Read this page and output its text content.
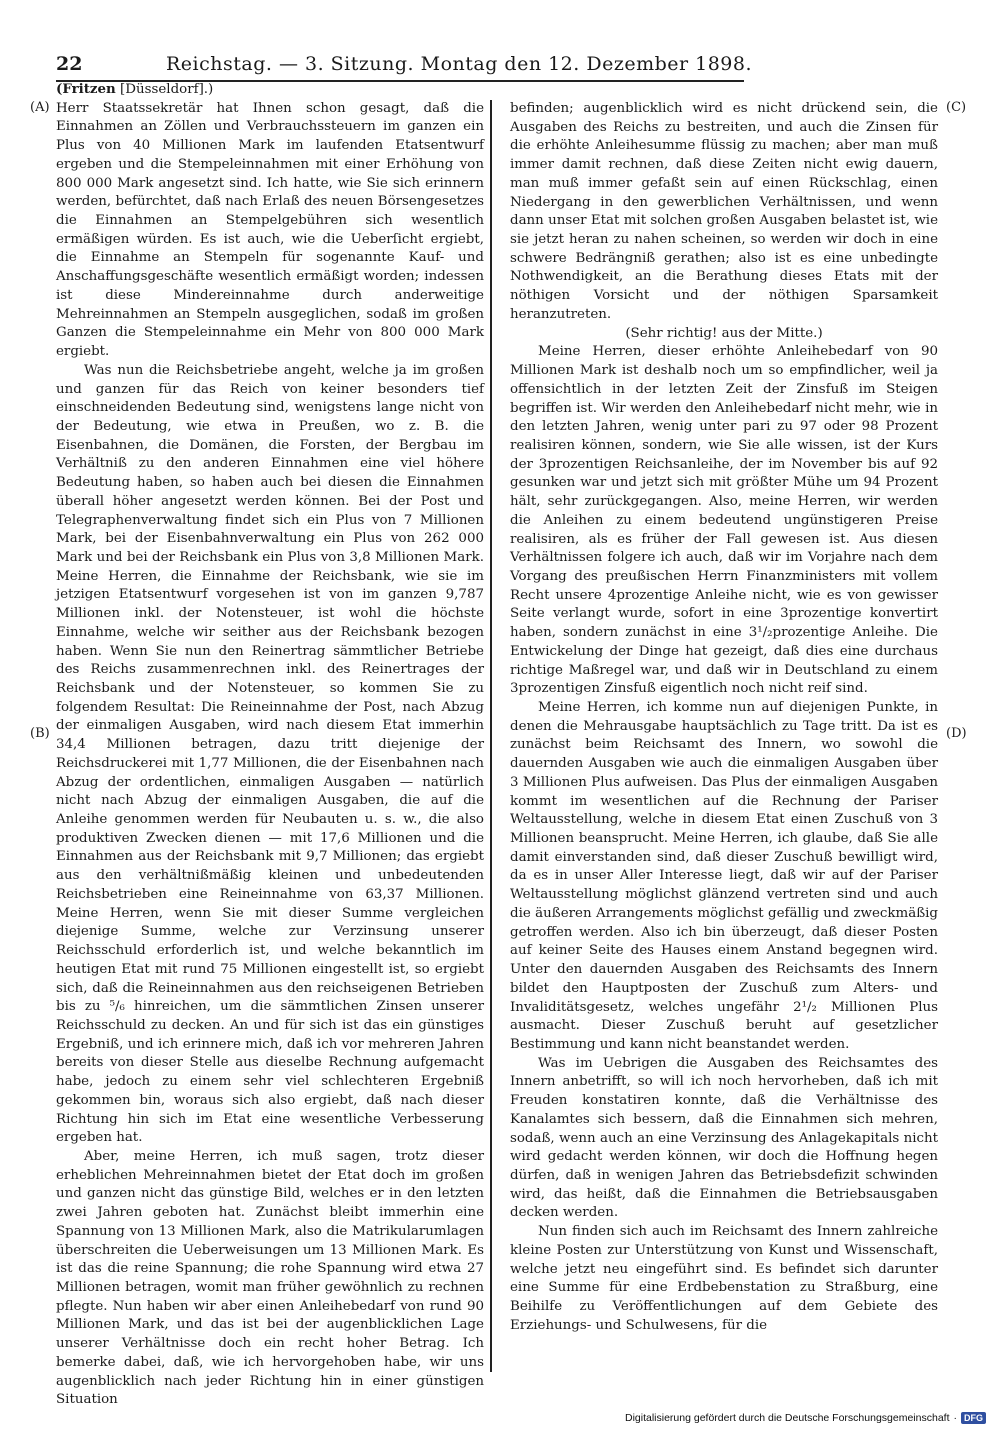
22	Reichstag. — 3. Sitzung. Montag den 12. Dezember 1898.
(A)
(B)
(C)
(D)
(Fritzen [Düsseldorf].)

Herr Staatssekretär hat Ihnen schon gesagt, daß die Einnahmen an Zöllen und Verbrauchssteuern im ganzen ein Plus von 40 Millionen Mark im laufenden Etatsentwurf ergeben und die Stempeleinnahmen mit einer Erhöhung von 800 000 Mark angesetzt sind. Ich hatte, wie Sie sich erinnern werden, befürchtet, daß nach Erlaß des neuen Börsengesetzes die Einnahmen an Stempelgebühren sich wesentlich ermäßigen würden. Es ist auch, wie die Ueberſicht ergiebt, die Einnahme an Stempeln für sogenannte Kauf- und Anschaffungsgeschäfte wesentlich ermäßigt worden; indessen ist diese Mindereinnahme durch anderweitige Mehreinnahmen an Stempeln ausgeglichen, sodaß im großen Ganzen die Stempeleinnahme ein Mehr von 800 000 Mark ergiebt.

Was nun die Reichsbetriebe angeht, welche ja im großen und ganzen für das Reich von keiner besonders tief einschneidenden Bedeutung sind, wenigstens lange nicht von der Bedeutung, wie etwa in Preußen, wo z. B. die Eisenbahnen, die Domänen, die Forsten, der Bergbau im Verhältniß zu den anderen Einnahmen eine viel höhere Bedeutung haben, so haben auch bei diesen die Einnahmen überall höher angesetzt werden können. Bei der Post und Telegraphenverwaltung findet sich ein Plus von 7 Millionen Mark, bei der Eisenbahnverwaltung ein Plus von 262 000 Mark und bei der Reichsbank ein Plus von 3,8 Millionen Mark. Meine Herren, die Einnahme der Reichsbank, wie sie im jetzigen Etatsentwurf vorgesehen ist von im ganzen 9,787 Millionen inkl. der Notensteuer, ist wohl die höchste Einnahme, welche wir seither aus der Reichsbank bezogen haben. Wenn Sie nun den Reinertrag sämmtlicher Betriebe des Reichs zusammenrechnen inkl. des Reinertrages der Reichsbank und der Notensteuer, so kommen Sie zu folgendem Resultat: Die Reineinnahme der Post, nach Abzug der einmaligen Ausgaben, wird nach diesem Etat immerhin 34,4 Millionen betragen, dazu tritt diejenige der Reichsdruckerei mit 1,77 Millionen, die der Eisenbahnen nach Abzug der ordentlichen, einmaligen Ausgaben — natürlich nicht nach Abzug der einmaligen Ausgaben, die auf die Anleihe genommen werden für Neubauten u. s. w., die also produktiven Zwecken dienen — mit 17,6 Millionen und die Einnahmen aus der Reichsbank mit 9,7 Millionen; das ergiebt aus den verhältnißmäßig kleinen und unbedeutenden Reichsbetrieben eine Reineinnahme von 63,37 Millionen. Meine Herren, wenn Sie mit dieser Summe vergleichen diejenige Summe, welche zur Verzinsung unserer Reichsschuld erforderlich ist, und welche bekanntlich im heutigen Etat mit rund 75 Millionen eingestellt ist, so ergiebt sich, daß die Reineinnahmen aus den reichseigenen Betrieben bis zu ⁵/₆ hinreichen, um die sämmtlichen Zinsen unserer Reichsschuld zu decken. An und für sich ist das ein günstiges Ergebniß, und ich erinnere mich, daß ich vor mehreren Jahren bereits von dieser Stelle aus dieselbe Rechnung aufgemacht habe, jedoch zu einem sehr viel schlechteren Ergebniß gekommen bin, woraus sich also ergiebt, daß nach dieser Richtung hin sich im Etat eine wesentliche Verbesserung ergeben hat.

Aber, meine Herren, ich muß sagen, trotz dieser erheblichen Mehreinnahmen bietet der Etat doch im großen und ganzen nicht das günstige Bild, welches er in den letzten zwei Jahren geboten hat. Zunächst bleibt immerhin eine Spannung von 13 Millionen Mark, also die Matrikularumlagen überschreiten die Ueberweisungen um 13 Millionen Mark. Es ist das die reine Spannung; die rohe Spannung wird etwa 27 Millionen betragen, womit man früher gewöhnlich zu rechnen pflegte. Nun haben wir aber einen Anleihebedarf von rund 90 Millionen Mark, und das ist bei der augenblicklichen Lage unserer Verhältnisse doch ein recht hoher Betrag. Ich bemerke dabei, daß, wie ich hervorgehoben habe, wir uns augenblicklich nach jeder Richtung hin in einer günstigen Situation

befinden; augenblicklich wird es nicht drückend sein, die Ausgaben des Reichs zu bestreiten, und auch die Zinsen für die erhöhte Anleihesumme flüssig zu machen; aber man muß immer damit rechnen, daß diese Zeiten nicht ewig dauern, man muß immer gefaßt sein auf einen Rückschlag, einen Niedergang in den gewerblichen Verhältnissen, und wenn dann unser Etat mit solchen großen Ausgaben belastet ist, wie sie jetzt heran zu nahen scheinen, so werden wir doch in eine schwere Bedrängniß gerathen; also ist es eine unbedingte Nothwendigkeit, an die Berathung dieses Etats mit der nöthigen Vorsicht und der nöthigen Sparsamkeit heranzutreten.

(Sehr richtig! aus der Mitte.)

Meine Herren, dieser erhöhte Anleihebedarf von 90 Millionen Mark ist deshalb noch um so empfindlicher, weil ja offensichtlich in der letzten Zeit der Zinsfuß im Steigen begriffen ist. Wir werden den Anleihebedarf nicht mehr, wie in den letzten Jahren, wenig unter pari zu 97 oder 98 Prozent realisiren können, sondern, wie Sie alle wissen, ist der Kurs der 3prozentigen Reichsanleihe, der im November bis auf 92 gesunken war und jetzt sich mit größter Mühe um 94 Prozent hält, sehr zurückgegangen. Also, meine Herren, wir werden die Anleihen zu einem bedeutend ungünstigeren Preise realisiren, als es früher der Fall gewesen ist. Aus diesen Verhältnissen folgere ich auch, daß wir im Vorjahre nach dem Vorgang des preußischen Herrn Finanzministers mit vollem Recht unsere 4prozentige Anleihe nicht, wie es von gewisser Seite verlangt wurde, sofort in eine 3prozentige konvertirt haben, sondern zunächst in eine 3¹/₂prozentige Anleihe. Die Entwickelung der Dinge hat gezeigt, daß dies eine durchaus richtige Maßregel war, und daß wir in Deutschland zu einem 3prozentigen Zinsfuß eigentlich noch nicht reif sind.

Meine Herren, ich komme nun auf diejenigen Punkte, in denen die Mehrausgabe hauptsächlich zu Tage tritt. Da ist es zunächst beim Reichsamt des Innern, wo sowohl die dauernden Ausgaben wie auch die einmaligen Ausgaben über 3 Millionen Plus aufweisen. Das Plus der einmaligen Ausgaben kommt im wesentlichen auf die Rechnung der Pariser Weltausstellung, welche in diesem Etat einen Zuschuß von 3 Millionen beansprucht. Meine Herren, ich glaube, daß Sie alle damit einverstanden sind, daß dieser Zuschuß bewilligt wird, da es in unser Aller Interesse liegt, daß wir auf der Pariser Weltausstellung möglichst glänzend vertreten sind und auch die äußeren Arrangements möglichst gefällig und zweckmäßig getroffen werden. Also ich bin überzeugt, daß dieser Posten auf keiner Seite des Hauses einem Anstand begegnen wird. Unter den dauernden Ausgaben des Reichsamts des Innern bildet den Hauptposten der Zuschuß zum Alters- und Invaliditätsgesetz, welches ungefähr 2¹/₂ Millionen Plus ausmacht. Dieser Zuschuß beruht auf gesetzlicher Bestimmung und kann nicht beanstandet werden.

Was im Uebrigen die Ausgaben des Reichsamtes des Innern anbetrifft, so will ich noch hervorheben, daß ich mit Freuden konstatiren konnte, daß die Verhältnisse des Kanalamtes sich bessern, daß die Einnahmen sich mehren, sodaß, wenn auch an eine Verzinsung des Anlagekapitals nicht wird gedacht werden können, wir doch die Hoffnung hegen dürfen, daß in wenigen Jahren das Betriebsdefizit schwinden wird, das heißt, daß die Einnahmen die Betriebsausgaben decken werden.

Nun finden sich auch im Reichsamt des Innern zahlreiche kleine Posten zur Unterstützung von Kunst und Wissenschaft, welche jetzt neu eingeführt sind. Es befindet sich darunter eine Summe für eine Erdbebenstation zu Straßburg, eine Beihilfe zu Veröffentlichungen auf dem Gebiete des Erziehungs- und Schulwesens, für die

Digitalisierung gefördert durch die Deutsche Forschungsgemeinschaft · DFG
